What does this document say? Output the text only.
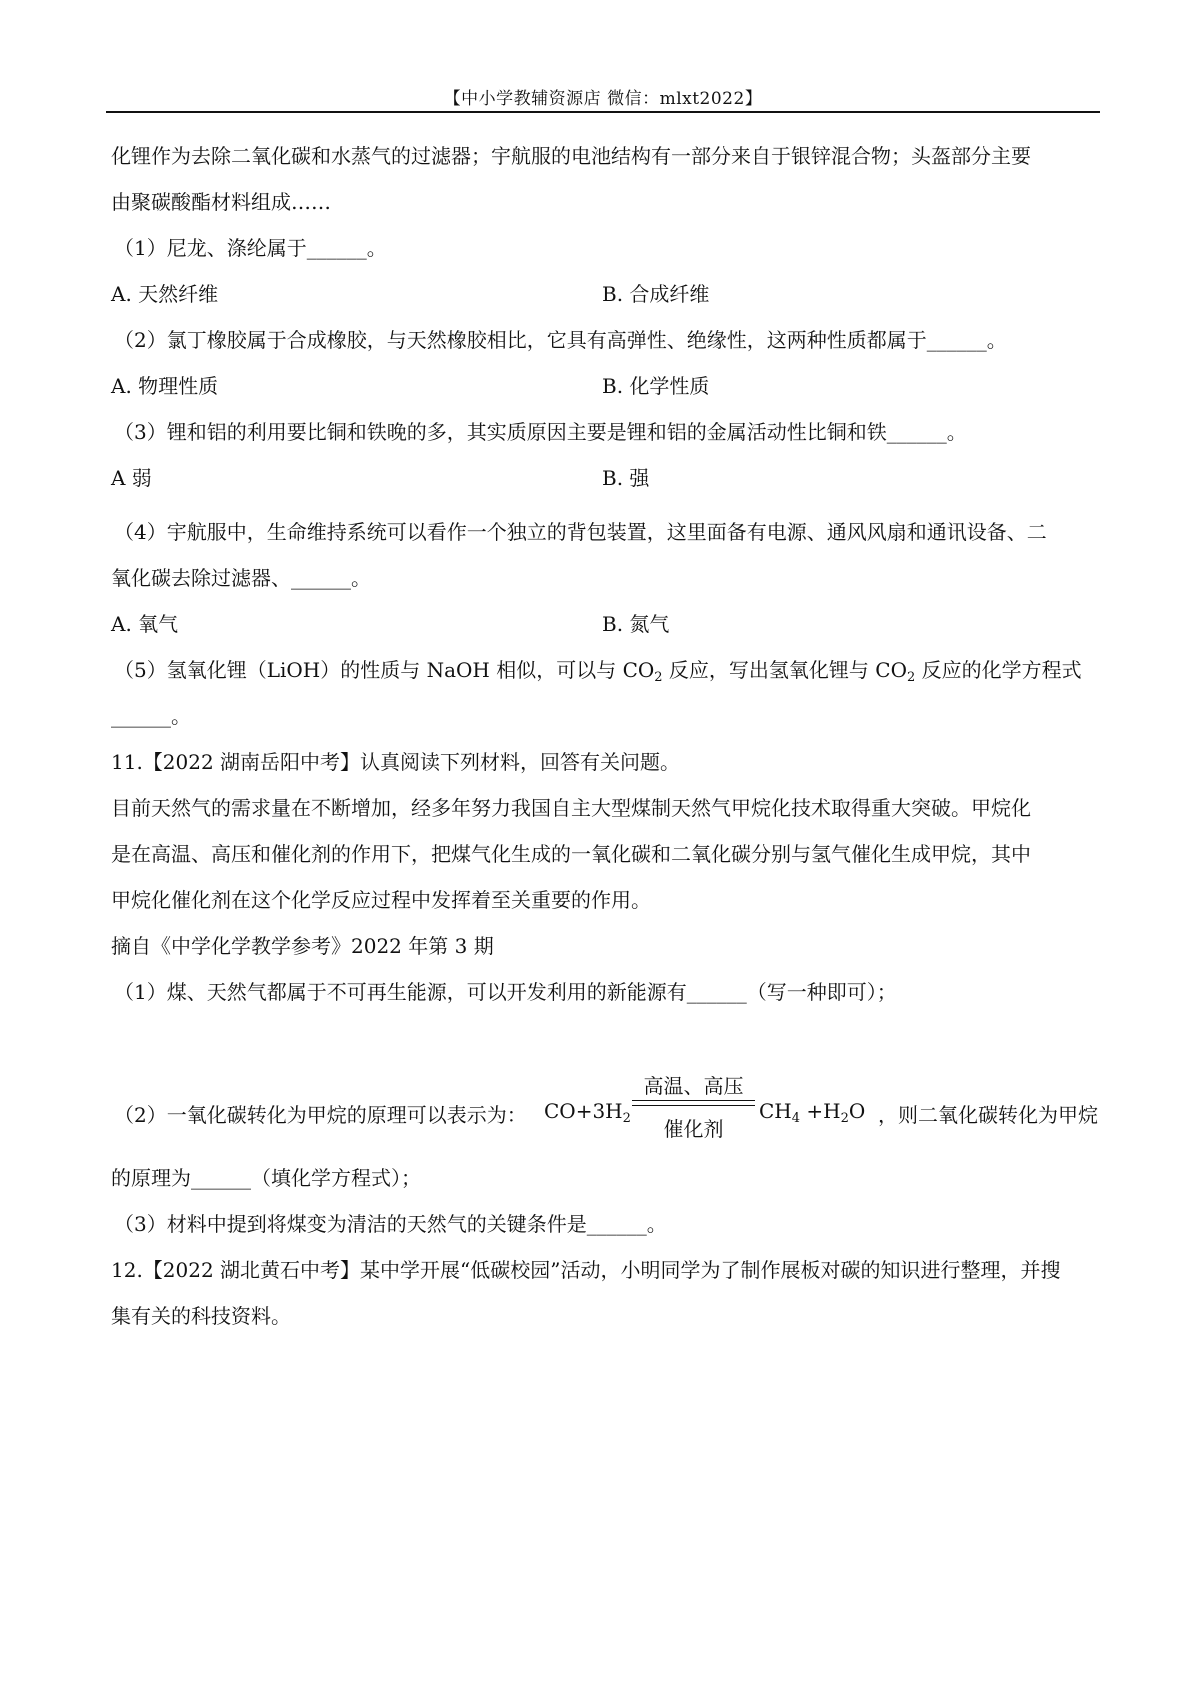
【中小学教辅资源店 微信：mlxt2022】
化锂作为去除二氧化碳和水蒸气的过滤器；宇航服的电池结构有一部分来自于银锌混合物；头盔部分主要
由聚碳酸酯材料组成……
（1）尼龙、涤纶属于______。
A. 天然纤维	B. 合成纤维
（2）氯丁橡胶属于合成橡胶，与天然橡胶相比，它具有高弹性、绝缘性，这两种性质都属于______。
A. 物理性质	B. 化学性质
（3）锂和铝的利用要比铜和铁晚的多，其实质原因主要是锂和铝的金属活动性比铜和铁______。
A 弱	B. 强
（4）宇航服中，生命维持系统可以看作一个独立的背包装置，这里面备有电源、通风风扇和通讯设备、二
氧化碳去除过滤器、______。
A. 氧气	B. 氮气
（5）氢氧化锂（LiOH）的性质与 NaOH 相似，可以与 $CO_2$ 反应，写出氢氧化锂与 $CO_2$ 反应的化学方程式
______。
11.【2022 湖南岳阳中考】认真阅读下列材料，回答有关问题。
目前天然气的需求量在不断增加，经多年努力我国自主大型煤制天然气甲烷化技术取得重大突破。甲烷化
是在高温、高压和催化剂的作用下，把煤气化生成的一氧化碳和二氧化碳分别与氢气催化生成甲烷，其中
甲烷化催化剂在这个化学反应过程中发挥着至关重要的作用。
摘自《中学化学教学参考》2022 年第 3 期
（1）煤、天然气都属于不可再生能源，可以开发利用的新能源有______（写一种即可）；
（2）一氧化碳转化为甲烷的原理可以表示为： $CO+3H_2$	$CH_4 +H_2O$ ，则二氧化碳转化为甲烷
高温、高压
催化剂
的原理为______（填化学方程式）；
（3）材料中提到将煤变为清洁的天然气的关键条件是______。
12.【2022 湖北黄石中考】某中学开展“低碳校园”活动，小明同学为了制作展板对碳的知识进行整理，并搜
集有关的科技资料。
